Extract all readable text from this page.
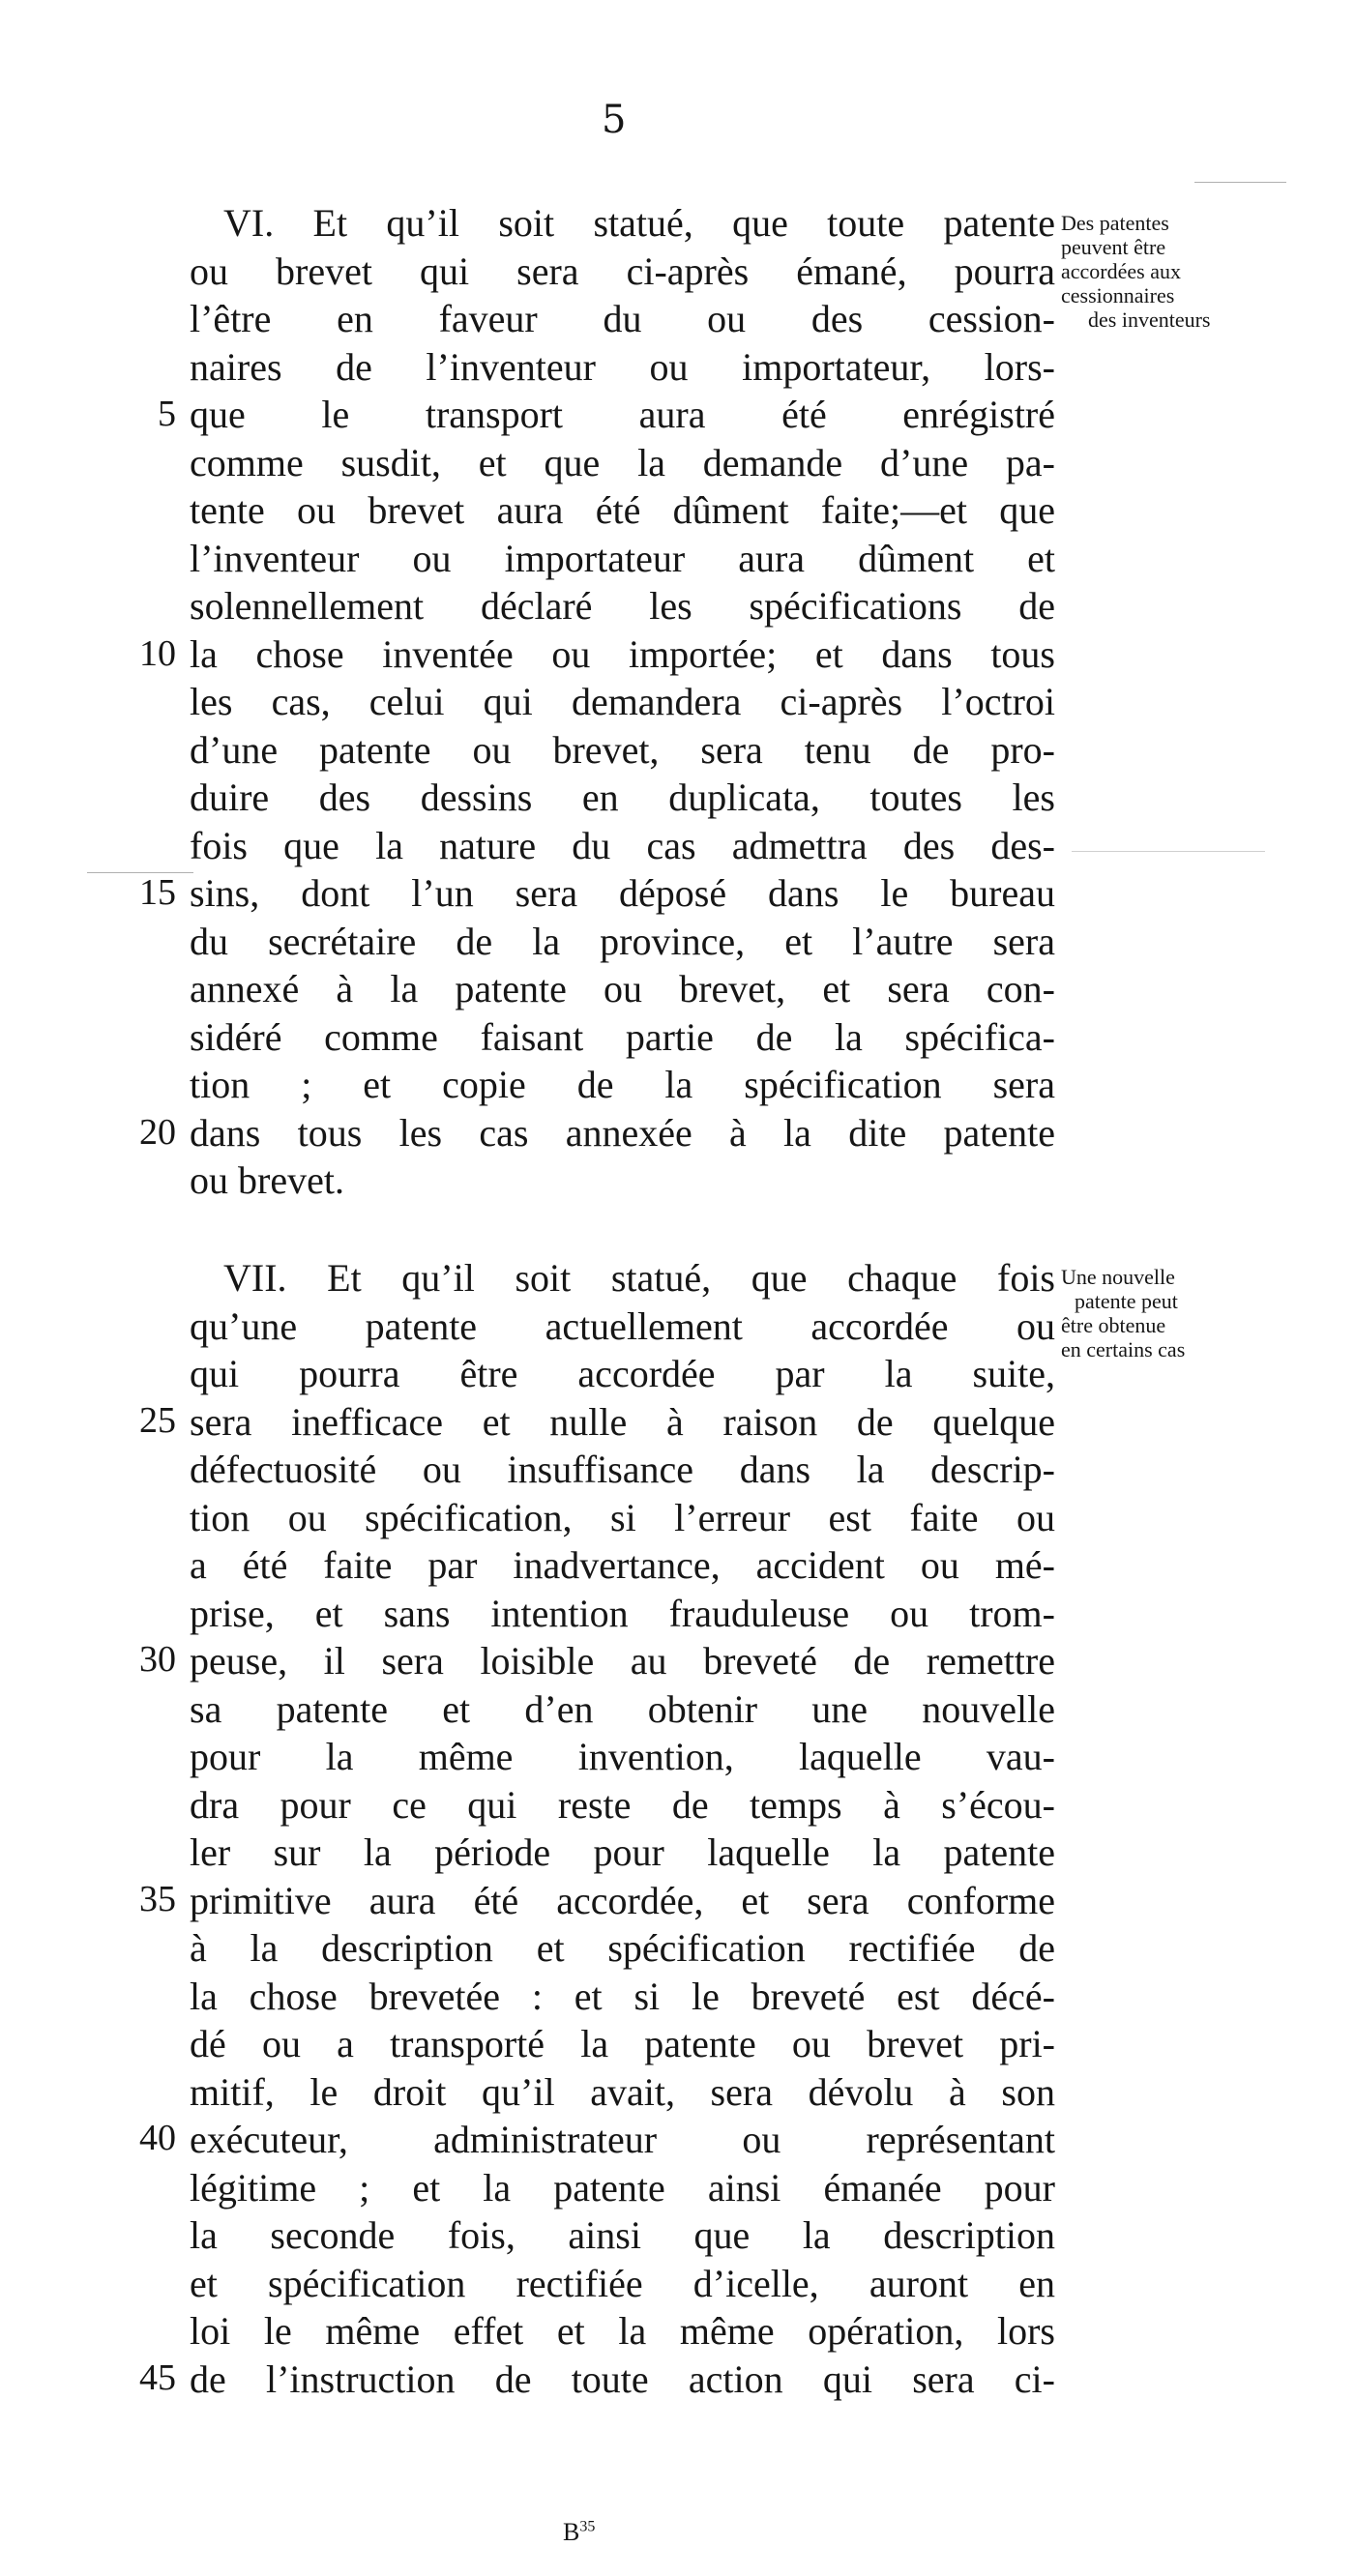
5
VI. Et qu’il soit statué, que toute patente
ou brevet qui sera ci-après émané, pourra
l’être en faveur du ou des cession-
naires de l’inventeur ou importateur, lors-
que le transport aura été enrégistré
comme susdit, et que la demande d’une pa-
tente ou brevet aura été dûment faite;—et que
l’inventeur ou importateur aura dûment et
solennellement déclaré les spécifications de
la chose inventée ou importée; et dans tous
les cas, celui qui demandera ci-après l’octroi
d’une patente ou brevet, sera tenu de pro-
duire des dessins en duplicata, toutes les
fois que la nature du cas admettra des des-
sins, dont l’un sera déposé dans le bureau
du secrétaire de la province, et l’autre sera
annexé à la patente ou brevet, et sera con-
sidéré comme faisant partie de la spécifica-
tion ; et copie de la spécification sera
dans tous les cas annexée à la dite patente
ou brevet.
Des patentes
peuvent être
accordées aux
cessionnaires
des inventeurs
VII. Et qu’il soit statué, que chaque fois
qu’une patente actuellement accordée ou
qui pourra être accordée par la suite,
sera inefficace et nulle à raison de quelque
défectuosité ou insuffisance dans la descrip-
tion ou spécification, si l’erreur est faite ou
a été faite par inadvertance, accident ou mé-
prise, et sans intention frauduleuse ou trom-
peuse, il sera loisible au breveté de remettre
sa patente et d’en obtenir une nouvelle
pour la même invention, laquelle vau-
dra pour ce qui reste de temps à s’écou-
ler sur la période pour laquelle la patente
primitive aura été accordée, et sera conforme
à la description et spécification rectifiée de
la chose brevetée : et si le breveté est décé-
dé ou a transporté la patente ou brevet pri-
mitif, le droit qu’il avait, sera dévolu à son
exécuteur, administrateur ou représentant
légitime ; et la patente ainsi émanée pour
la seconde fois, ainsi que la description
et spécification rectifiée d’icelle, auront en
loi le même effet et la même opération, lors
de l’instruction de toute action qui sera ci-
Une nouvelle
patente peut
être obtenue
en certains cas
5
10
15
20
25
30
35
40
45
$B^{35}$
